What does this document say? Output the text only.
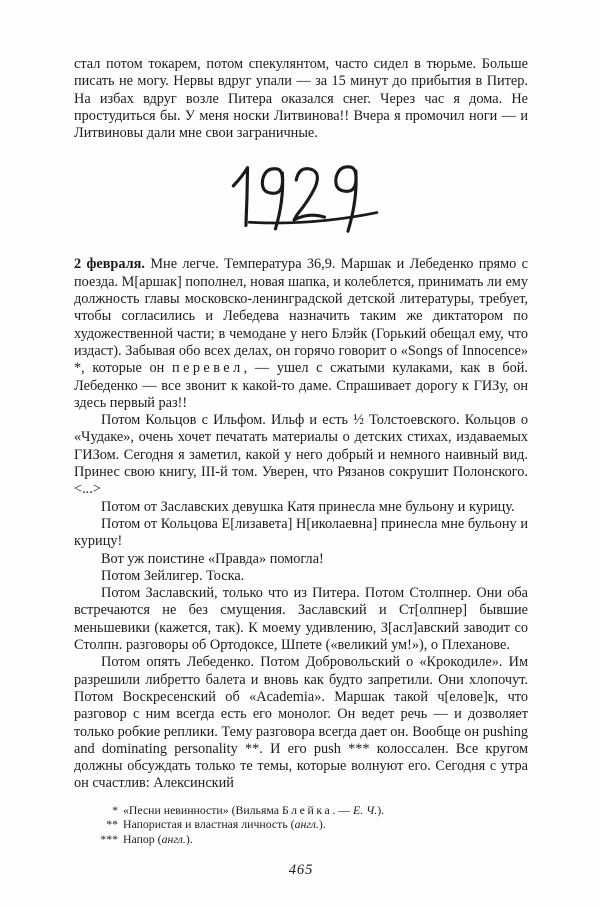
стал потом токарем, потом спекулянтом, часто сидел в тюрьме. Больше писать не могу. Нервы вдруг упали — за 15 минут до прибытия в Питер. На избах вдруг возле Питера оказался снег. Через час я дома. Не простудиться бы. У меня носки Литвинова!! Вчера я промочил ноги — и Литвиновы дали мне свои заграничные.

2 февраля. Мне легче. Температура 36,9. Маршак и Лебеденко прямо с поезда. М[аршак] пополнел, новая шапка, и колеблется, принимать ли ему должность главы московско-ленинградской детской литературы, требует, чтобы согласились и Лебедева назначить таким же диктатором по художественной части; в чемодане у него Блэйк (Горький обещал ему, что издаст). Забывая обо всех делах, он горячо говорит о «Songs of Innocence» *, которые он перевел, — ушел с сжатыми кулаками, как в бой. Лебеденко — все звонит к какой-то даме. Спрашивает дорогу к ГИЗу, он здесь первый раз!!

Потом Кольцов с Ильфом. Ильф и есть ½ Толстоевского. Кольцов о «Чудаке», очень хочет печатать материалы о детских стихах, издаваемых ГИЗом. Сегодня я заметил, какой у него добрый и немного наивный вид. Принес свою книгу, III-й том. Уверен, что Рязанов сокрушит Полонского. <...>

Потом от Заславских девушка Катя принесла мне бульону и курицу.

Потом от Кольцова Е[лизавета] Н[иколаевна] принесла мне бульону и курицу!

Вот уж поистине «Правда» помогла!

Потом Зейлигер. Тоска.

Потом Заславский, только что из Питера. Потом Столпнер. Они оба встречаются не без смущения. Заславский и Ст[олпнер] бывшие меньшевики (кажется, так). К моему удивлению, З[асл]авский заводит со Столпн. разговоры об Ортодоксе, Шпете («великий ум!»), о Плеханове.

Потом опять Лебеденко. Потом Добровольский о «Крокодиле». Им разрешили либретто балета и вновь как будто запретили. Они хлопочут. Потом Воскресенский об «Academia». Маршак такой ч[елове]к, что разговор с ним всегда есть его монолог. Он ведет речь — и дозволяет только робкие реплики. Тему разговора всегда дает он. Вообще он pushing and dominating personality **. И его push *** колоссален. Все кругом должны обсуждать только те темы, которые волнуют его. Сегодня с утра он счастлив: Алексинский

* «Песни невинности» (Вильяма Блейка. — Е. Ч.).
** Напористая и властная личность (англ.).
*** Напор (англ.).
465
